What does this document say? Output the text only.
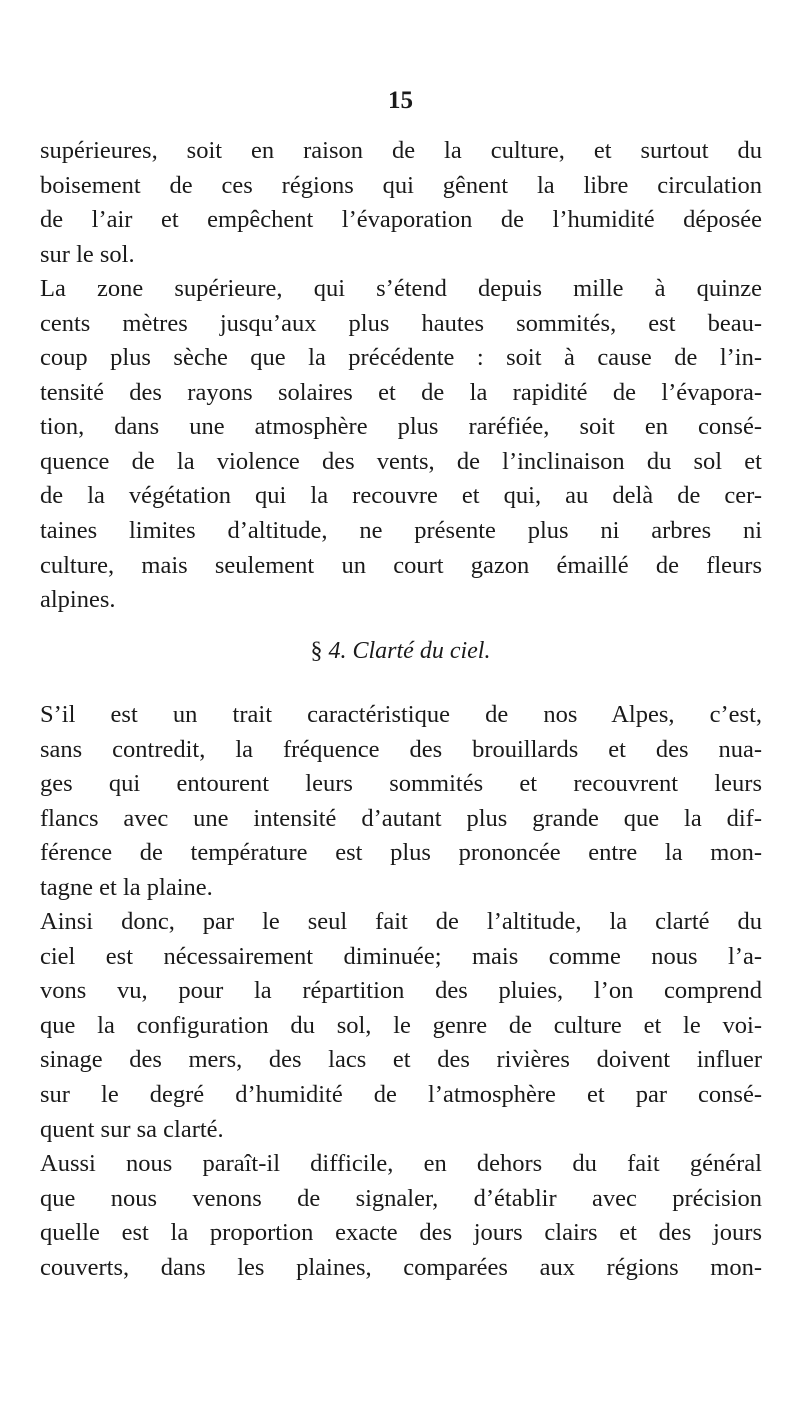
15

supérieures, soit en raison de la culture, et surtout du
boisement de ces régions qui gênent la libre circulation
de l’air et empêchent l’évaporation de l’humidité déposée
sur le sol.

La zone supérieure, qui s’étend depuis mille à quinze
cents mètres jusqu’aux plus hautes sommités, est beau-
coup plus sèche que la précédente : soit à cause de l’in-
tensité des rayons solaires et de la rapidité de l’évapora-
tion, dans une atmosphère plus raréfiée, soit en consé-
quence de la violence des vents, de l’inclinaison du sol et
de la végétation qui la recouvre et qui, au delà de cer-
taines limites d’altitude, ne présente plus ni arbres ni
culture, mais seulement un court gazon émaillé de fleurs
alpines.

§ 4. Clarté du ciel.

S’il est un trait caractéristique de nos Alpes, c’est,
sans contredit, la fréquence des brouillards et des nua-
ges qui entourent leurs sommités et recouvrent leurs
flancs avec une intensité d’autant plus grande que la dif-
férence de température est plus prononcée entre la mon-
tagne et la plaine.

Ainsi donc, par le seul fait de l’altitude, la clarté du
ciel est nécessairement diminuée; mais comme nous l’a-
vons vu, pour la répartition des pluies, l’on comprend
que la configuration du sol, le genre de culture et le voi-
sinage des mers, des lacs et des rivières doivent influer
sur le degré d’humidité de l’atmosphère et par consé-
quent sur sa clarté.

Aussi nous paraît-il difficile, en dehors du fait général
que nous venons de signaler, d’établir avec précision
quelle est la proportion exacte des jours clairs et des jours
couverts, dans les plaines, comparées aux régions mon-
